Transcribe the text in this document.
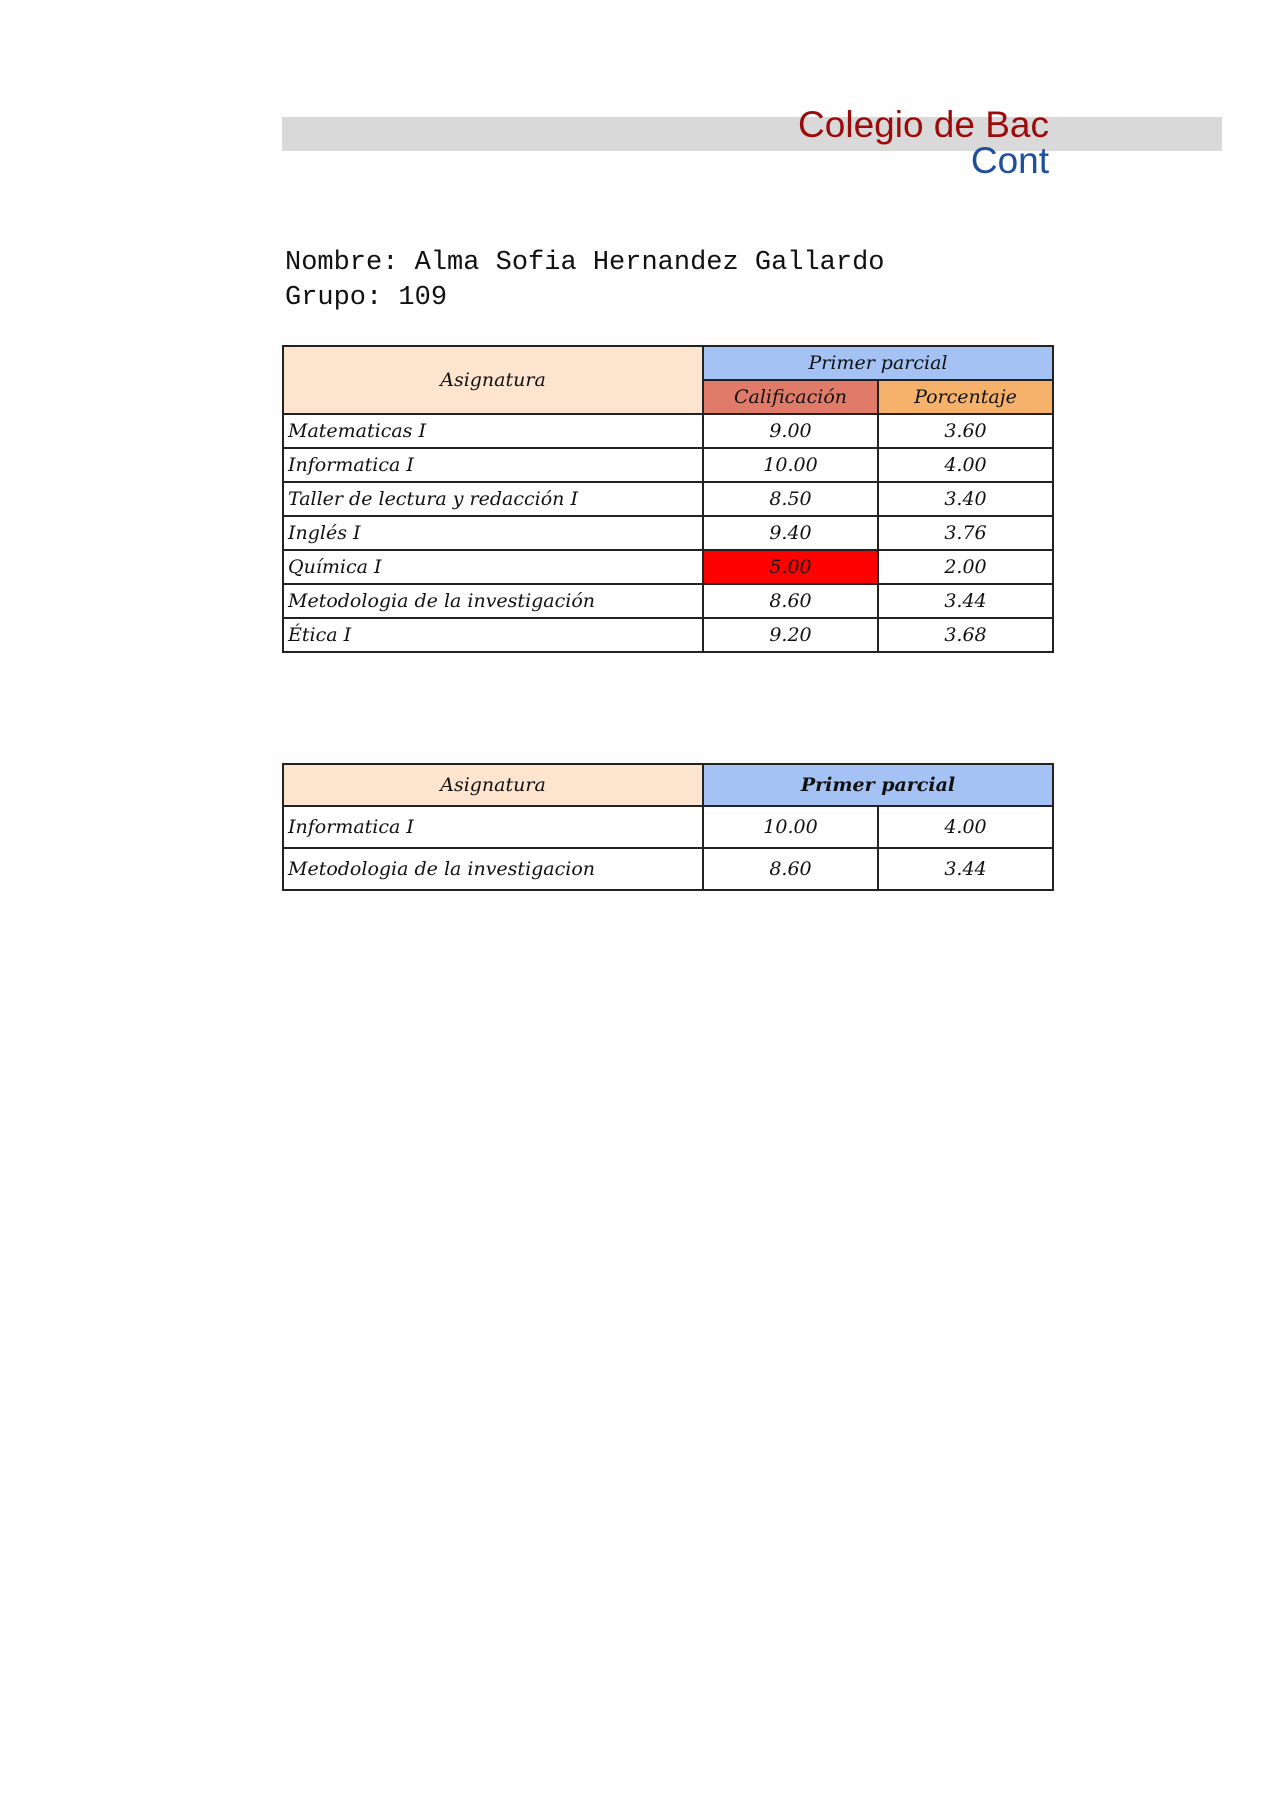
Colegio de Bac
Cont
Nombre: Alma Sofia Hernandez Gallardo
Grupo: 109
Asignatura	Primer parcial	
	Calificación	Porcentaje
Matematicas I	9.00	3.60
Informatica I	10.00	4.00
Taller de lectura y redacción I	8.50	3.40
Inglés I	9.40	3.76
Química I	5.00	2.00
Metodologia de la investigación	8.60	3.44
Ética I	9.20	3.68
Asignatura	Primer parcial	
Informatica I	10.00	4.00
Metodologia de la investigacion	8.60	3.44
